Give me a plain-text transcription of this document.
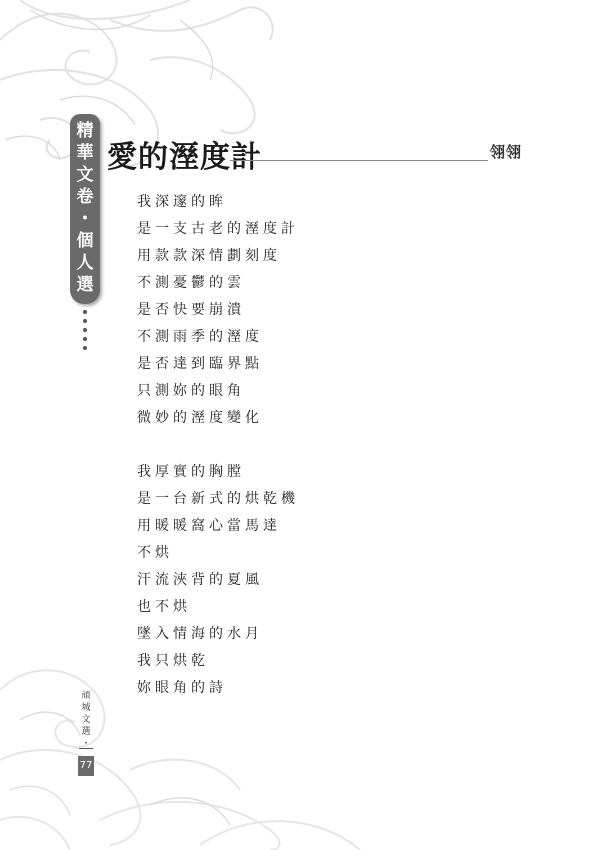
精
華
文
卷
・
個
人
選
愛的溼度計	翎翎
我深邃的眸
是一支古老的溼度計
用款款深情劃刻度
不測憂鬱的雲
是否快要崩潰
不測雨季的溼度
是否達到臨界點
只測妳的眼角
微妙的溼度變化
我厚實的胸膛
是一台新式的烘乾機
用暖暖窩心當馬達
不烘
汗流浹背的夏風
也不烘
墜入情海的水月
我只烘乾
妳眼角的詩
頑
城
文
選
・
77
